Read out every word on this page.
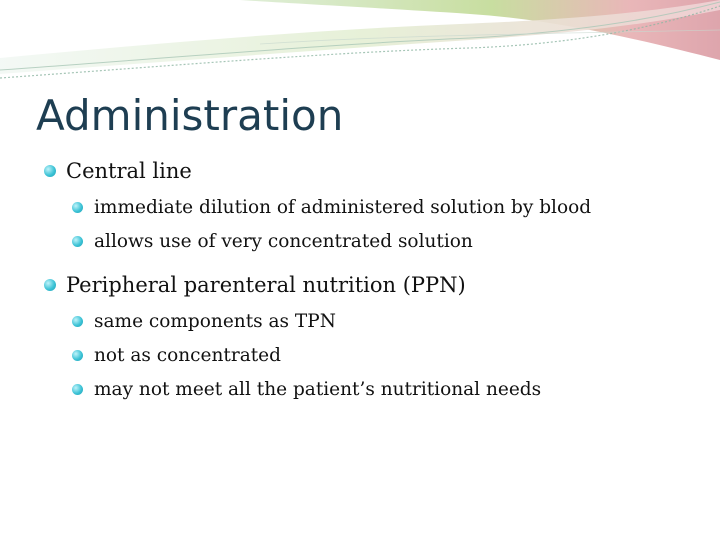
Administration
Central line
immediate dilution of administered solution by blood
allows use of very concentrated solution
Peripheral parenteral nutrition (PPN)
same components as TPN
not as concentrated
may not meet all the patient’s nutritional needs
